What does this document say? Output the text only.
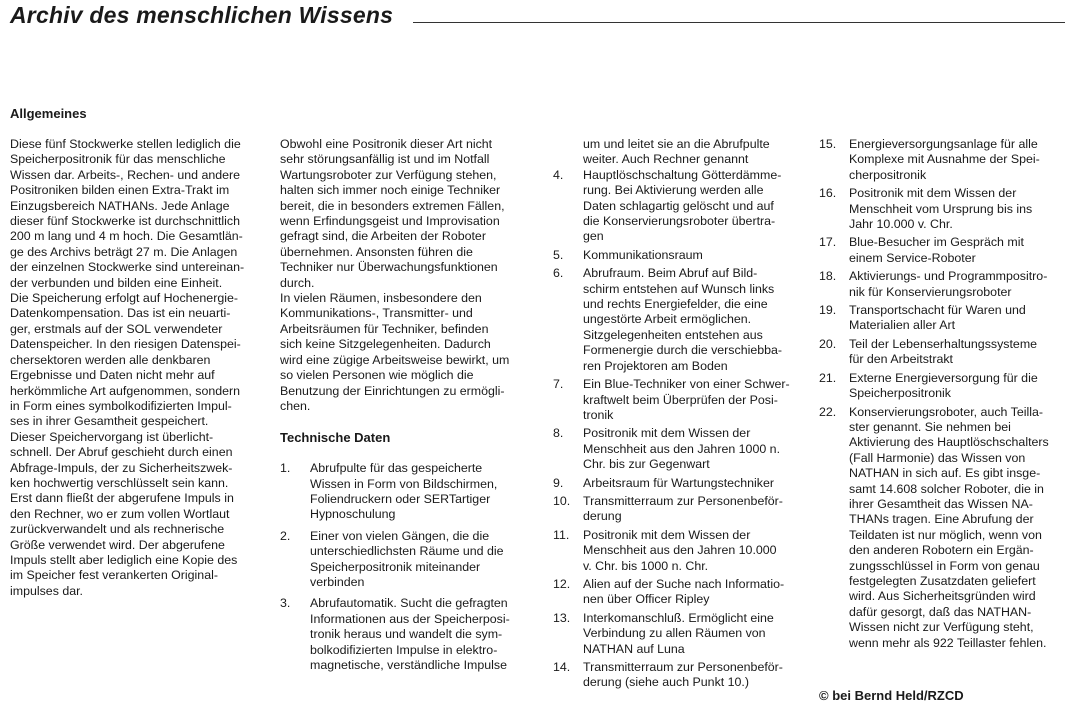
Archiv des menschlichen Wissens
Allgemeines
Diese fünf Stockwerke stellen lediglich die
Speicherpositronik für das menschliche
Wissen dar. Arbeits-, Rechen- und andere
Positroniken bilden einen Extra-Trakt im
Einzugsbereich NATHANs. Jede Anlage
dieser fünf Stockwerke ist durchschnittlich
200 m lang und 4 m hoch. Die Gesamtlän-
ge des Archivs beträgt 27 m. Die Anlagen
der einzelnen Stockwerke sind untereinan-
der verbunden und bilden eine Einheit.
Die Speicherung erfolgt auf Hochenergie-
Datenkompensation. Das ist ein neuarti-
ger, erstmals auf der SOL verwendeter
Datenspeicher. In den riesigen Datenspei-
chersektoren werden alle denkbaren
Ergebnisse und Daten nicht mehr auf
herkömmliche Art aufgenommen, sondern
in Form eines symbolkodifizierten Impul-
ses in ihrer Gesamtheit gespeichert.
Dieser Speichervorgang ist überlicht-
schnell. Der Abruf geschieht durch einen
Abfrage-Impuls, der zu Sicherheitszwek-
ken hochwertig verschlüsselt sein kann.
Erst dann fließt der abgerufene Impuls in
den Rechner, wo er zum vollen Wortlaut
zurückverwandelt und als rechnerische
Größe verwendet wird. Der abgerufene
Impuls stellt aber lediglich eine Kopie des
im Speicher fest verankerten Original-
impulses dar.
Obwohl eine Positronik dieser Art nicht
sehr störungsanfällig ist und im Notfall
Wartungsroboter zur Verfügung stehen,
halten sich immer noch einige Techniker
bereit, die in besonders extremen Fällen,
wenn Erfindungsgeist und Improvisation
gefragt sind, die Arbeiten der Roboter
übernehmen. Ansonsten führen die
Techniker nur Überwachungsfunktionen
durch.
In vielen Räumen, insbesondere den
Kommunikations-, Transmitter- und
Arbeitsräumen für Techniker, befinden
sich keine Sitzgelegenheiten. Dadurch
wird eine zügige Arbeitsweise bewirkt, um
so vielen Personen wie möglich die
Benutzung der Einrichtungen zu ermögli-
chen.
Technische Daten
1. Abrufpulte für das gespeicherte
Wissen in Form von Bildschirmen,
Foliendruckern oder SERTartiger
Hypnoschulung
2. Einer von vielen Gängen, die die
unterschiedlichsten Räume und die
Speicherpositronik miteinander
verbinden
3. Abrufautomatik. Sucht die gefragten
Informationen aus der Speicherposi-
tronik heraus und wandelt die sym-
bolkodifizierten Impulse in elektro-
magnetische, verständliche Impulse
um und leitet sie an die Abrufpulte
weiter. Auch Rechner genannt
4. Hauptlöschschaltung Götterdämme-
rung. Bei Aktivierung werden alle
Daten schlagartig gelöscht und auf
die Konservierungsroboter übertra-
gen
5. Kommunikationsraum
6. Abrufraum. Beim Abruf auf Bild-
schirm entstehen auf Wunsch links
und rechts Energiefelder, die eine
ungestörte Arbeit ermöglichen.
Sitzgelegenheiten entstehen aus
Formenergie durch die verschiebba-
ren Projektoren am Boden
7. Ein Blue-Techniker von einer Schwer-
kraftwelt beim Überprüfen der Posi-
tronik
8. Positronik mit dem Wissen der
Menschheit aus den Jahren 1000 n.
Chr. bis zur Gegenwart
9. Arbeitsraum für Wartungstechniker
10. Transmitterraum zur Personenbeför-
derung
11. Positronik mit dem Wissen der
Menschheit aus den Jahren 10.000
v. Chr. bis 1000 n. Chr.
12. Alien auf der Suche nach Informatio-
nen über Officer Ripley
13. Interkomanschluß. Ermöglicht eine
Verbindung zu allen Räumen von
NATHAN auf Luna
14. Transmitterraum zur Personenbeför-
derung (siehe auch Punkt 10.)
15. Energieversorgungsanlage für alle
Komplexe mit Ausnahme der Spei-
cherpositronik
16. Positronik mit dem Wissen der
Menschheit vom Ursprung bis ins
Jahr 10.000 v. Chr.
17. Blue-Besucher im Gespräch mit
einem Service-Roboter
18. Aktivierungs- und Programmpositro-
nik für Konservierungsroboter
19. Transportschacht für Waren und
Materialien aller Art
20. Teil der Lebenserhaltungssysteme
für den Arbeitstrakt
21. Externe Energieversorgung für die
Speicherpositronik
22. Konservierungsroboter, auch Teilla-
ster genannt. Sie nehmen bei
Aktivierung des Hauptlöschschalters
(Fall Harmonie) das Wissen von
NATHAN in sich auf. Es gibt insge-
samt 14.608 solcher Roboter, die in
ihrer Gesamtheit das Wissen NA-
THANs tragen. Eine Abrufung der
Teildaten ist nur möglich, wenn von
den anderen Robotern ein Ergän-
zungsschlüssel in Form von genau
festgelegten Zusatzdaten geliefert
wird. Aus Sicherheitsgründen wird
dafür gesorgt, daß das NATHAN-
Wissen nicht zur Verfügung steht,
wenn mehr als 922 Teillaster fehlen.
© bei Bernd Held/RZCD
